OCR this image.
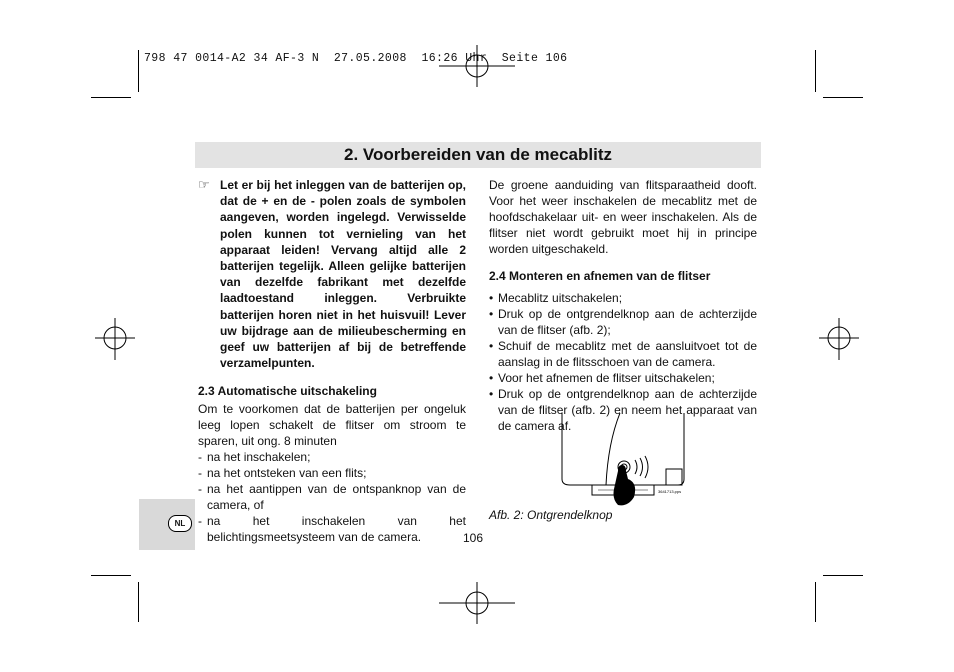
798 47 0014-A2 34 AF-3 N  27.05.2008  16:26 Uhr  Seite 106
2. Voorbereiden van de mecablitz
NL
☞ Let er bij het inleggen van de batterijen op, dat de + en de - polen zoals de symbolen aangeven, worden ingelegd. Verwisselde polen kunnen tot vernieling van het apparaat leiden! Vervang altijd alle 2 batterijen tegelijk. Alleen gelijke batterijen van dezelfde fabrikant met dezelfde laadtoestand inleggen. Verbruikte batterijen horen niet in het huisvuil! Lever uw bijdrage aan de milieubescherming en geef uw batterijen af bij de betreffende verzamelpunten.
2.3 Automatische uitschakeling
Om te voorkomen dat de batterijen per ongeluk leeg lopen schakelt de flitser om stroom te sparen, uit ong. 8 minuten
- na het inschakelen;
- na het ontsteken van een flits;
- na het aantippen van de ontspanknop van de camera, of
- na het inschakelen van het belichtingsmeetsysteem van de camera.
De groene aanduiding van flitsparaatheid dooft. Voor het weer inschakelen de mecablitz met de hoofdschakelaar uit- en weer inschakelen. Als de flitser niet wordt gebruikt moet hij in principe worden uitgeschakeld.
2.4 Monteren en afnemen van de flitser
• Mecablitz uitschakelen;
• Druk op de ontgrendelknop aan de achterzijde van de flitser (afb. 2);
• Schuif de mecablitz met de aansluitvoet tot de aanslag in de flitsschoen van de camera.
• Voor het afnemen de flitser uitschakelen;
• Druk op de ontgrendelknop aan de achterzijde van de flitser (afb. 2) en neem het apparaat van de camera af.
3641713.pps
Afb. 2: Ontgrendelknop
106
